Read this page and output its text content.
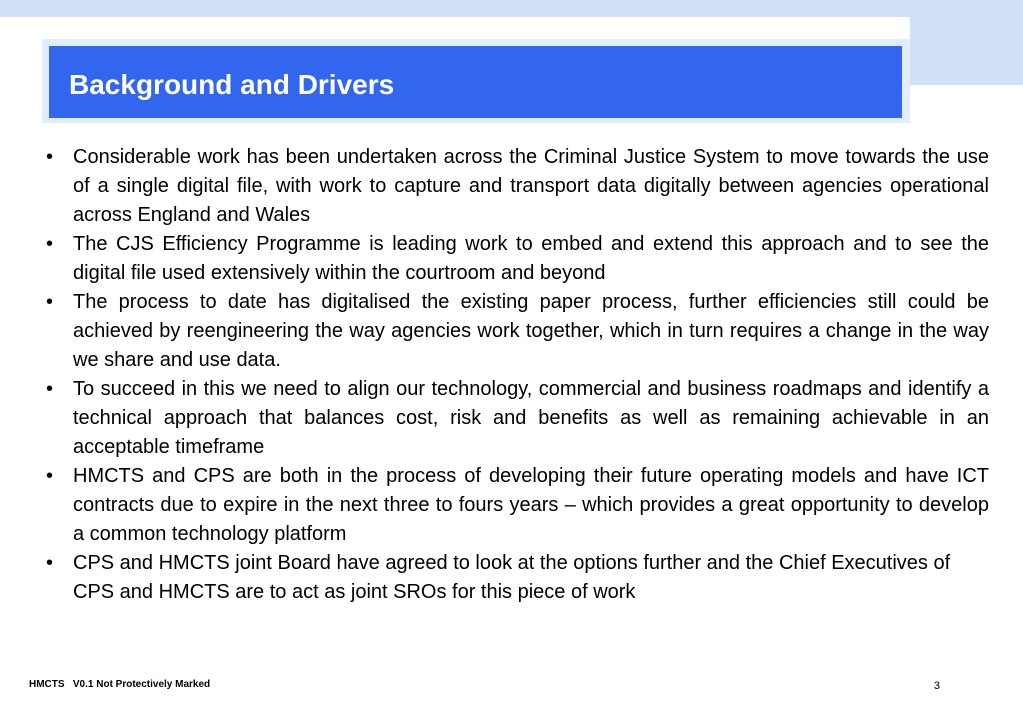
Background and Drivers
• Considerable work has been undertaken across the Criminal Justice System to move towards the use of a single digital file, with work to capture and transport data digitally between agencies operational across England and Wales
• The CJS Efficiency Programme is leading work to embed and extend this approach and to see the digital file used extensively within the courtroom and beyond
• The process to date has digitalised the existing paper process, further efficiencies still could be achieved by reengineering the way agencies work together, which in turn requires a change in the way we share and use data.
• To succeed in this we need to align our technology, commercial and business roadmaps and identify a technical approach that balances cost, risk and benefits as well as remaining achievable in an acceptable timeframe
• HMCTS and CPS are both in the process of developing their future operating models and have ICT contracts due to expire in the next three to fours years – which provides a great opportunity to develop a common technology platform
• CPS and HMCTS joint Board have agreed to look at the options further and the Chief Executives of CPS and HMCTS are to act as joint SROs for this piece of work
HMCTS   V0.1 Not Protectively Marked	3
